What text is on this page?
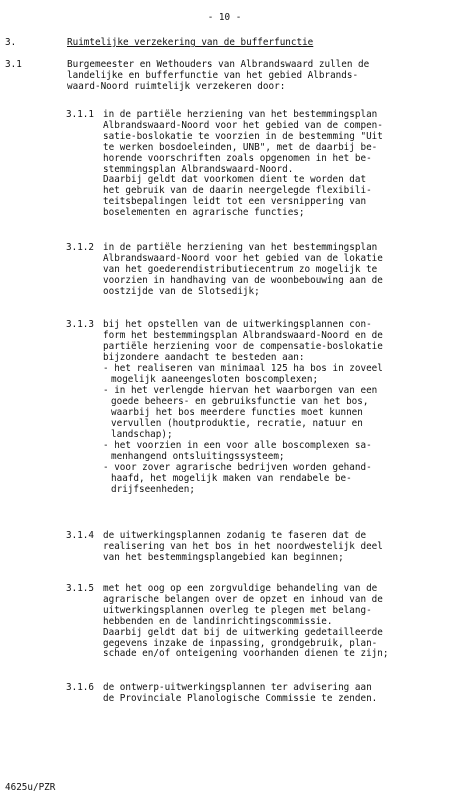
- 10 -
3.	Ruimtelijke verzekering van de bufferfunctie

3.1	Burgemeester en Wethouders van Albrandswaard zullen de

landelijke en bufferfunctie van het gebied Albrands-

waard-Noord ruimtelijk verzekeren door:

3.1.1 in de partiële herziening van het bestemmingsplan

Albrandswaard-Noord voor het gebied van de compen-

satie-boslokatie te voorzien in de bestemming "Uit

te werken bosdoeleinden, UNB", met de daarbij be-

horende voorschriften zoals opgenomen in het be-

stemmingsplan Albrandswaard-Noord.

Daarbij geldt dat voorkomen dient te worden dat

het gebruik van de daarin neergelegde flexibili-

teitsbepalingen leidt tot een versnippering van

boselementen en agrarische functies;

3.1.2 in de partiële herziening van het bestemmingsplan

Albrandswaard-Noord voor het gebied van de lokatie

van het goederendistributiecentrum zo mogelijk te

voorzien in handhaving van de woonbebouwing aan de

oostzijde van de Slotsedijk;

3.1.3 bij het opstellen van de uitwerkingsplannen con-

form het bestemmingsplan Albrandswaard-Noord en de

partiële herziening voor de compensatie-boslokatie

bijzondere aandacht te besteden aan:

- het realiseren van minimaal 125 ha bos in zoveel

mogelijk aaneengesloten boscomplexen;

- in het verlengde hiervan het waarborgen van een

goede beheers- en gebruiksfunctie van het bos,

waarbij het bos meerdere functies moet kunnen

vervullen (houtproduktie, recratie, natuur en

landschap);

- het voorzien in een voor alle boscomplexen sa-

menhangend ontsluitingssysteem;

- voor zover agrarische bedrijven worden gehand-

haafd, het mogelijk maken van rendabele be-

drijfseenheden;

3.1.4 de uitwerkingsplannen zodanig te faseren dat de

realisering van het bos in het noordwestelijk deel

van het bestemmingsplangebied kan beginnen;

3.1.5 met het oog op een zorgvuldige behandeling van de

agrarische belangen over de opzet en inhoud van de

uitwerkingsplannen overleg te plegen met belang-

hebbenden en de landinrichtingscommissie.

Daarbij geldt dat bij de uitwerking gedetailleerde

gegevens inzake de inpassing, grondgebruik, plan-

schade en/of onteigening voorhanden dienen te zijn;

3.1.6 de ontwerp-uitwerkingsplannen ter advisering aan

de Provinciale Planologische Commissie te zenden.

4625u/PZR
